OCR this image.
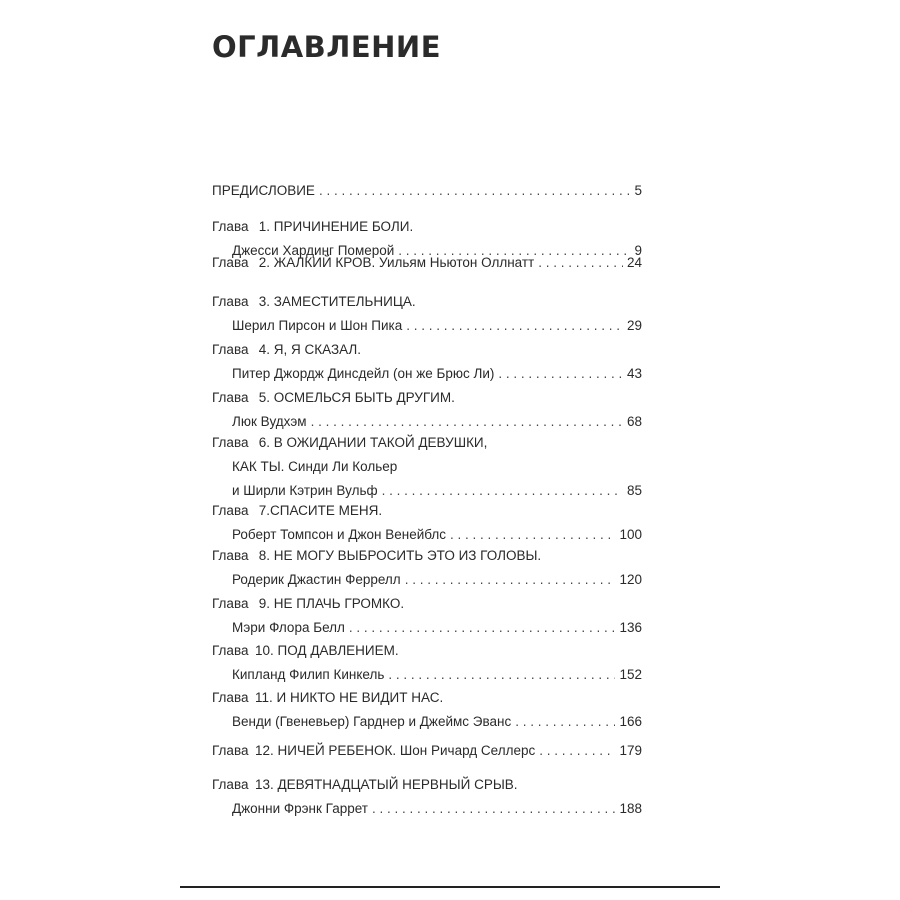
ОГЛАВЛЕНИЕ
ПРЕДИСЛОВИЕ . . .	5
Глава 1. ПРИЧИНЕНИЕ БОЛИ.
Джесси Хардинг Померой . . .	9
Глава 2. ЖАЛКИЙ КРОВ. Уильям Ньютон Оллнатт . . .	24
Глава 3. ЗАМЕСТИТЕЛЬНИЦА.
Шерил Пирсон и Шон Пика . . .	29
Глава 4. Я, Я СКАЗАЛ.
Питер Джордж Динсдейл (он же Брюс Ли) . . .	43
Глава 5. ОСМЕЛЬСЯ БЫТЬ ДРУГИМ.
Люк Вудхэм . . .	68
Глава 6. В ОЖИДАНИИ ТАКОЙ ДЕВУШКИ,
КАК ТЫ. Синди Ли Кольер
и Ширли Кэтрин Вульф . . .	85
Глава 7.СПАСИТЕ МЕНЯ.
Роберт Томпсон и Джон Венейблс . . .	100
Глава 8. НЕ МОГУ ВЫБРОСИТЬ ЭТО ИЗ ГОЛОВЫ.
Родерик Джастин Феррелл . . .	120
Глава 9. НЕ ПЛАЧЬ ГРОМКО.
Мэри Флора Белл . . .	136
Глава 10. ПОД ДАВЛЕНИЕМ.
Кипланд Филип Кинкель . . .	152
Глава 11. И НИКТО НЕ ВИДИТ НАС.
Венди (Гвеневьер) Гарднер и Джеймс Эванс . . .	166
Глава 12. НИЧЕЙ РЕБЕНОК. Шон Ричард Селлерс . . .	179
Глава 13. ДЕВЯТНАДЦАТЫЙ НЕРВНЫЙ СРЫВ.
Джонни Фрэнк Гаррет . . .	188
